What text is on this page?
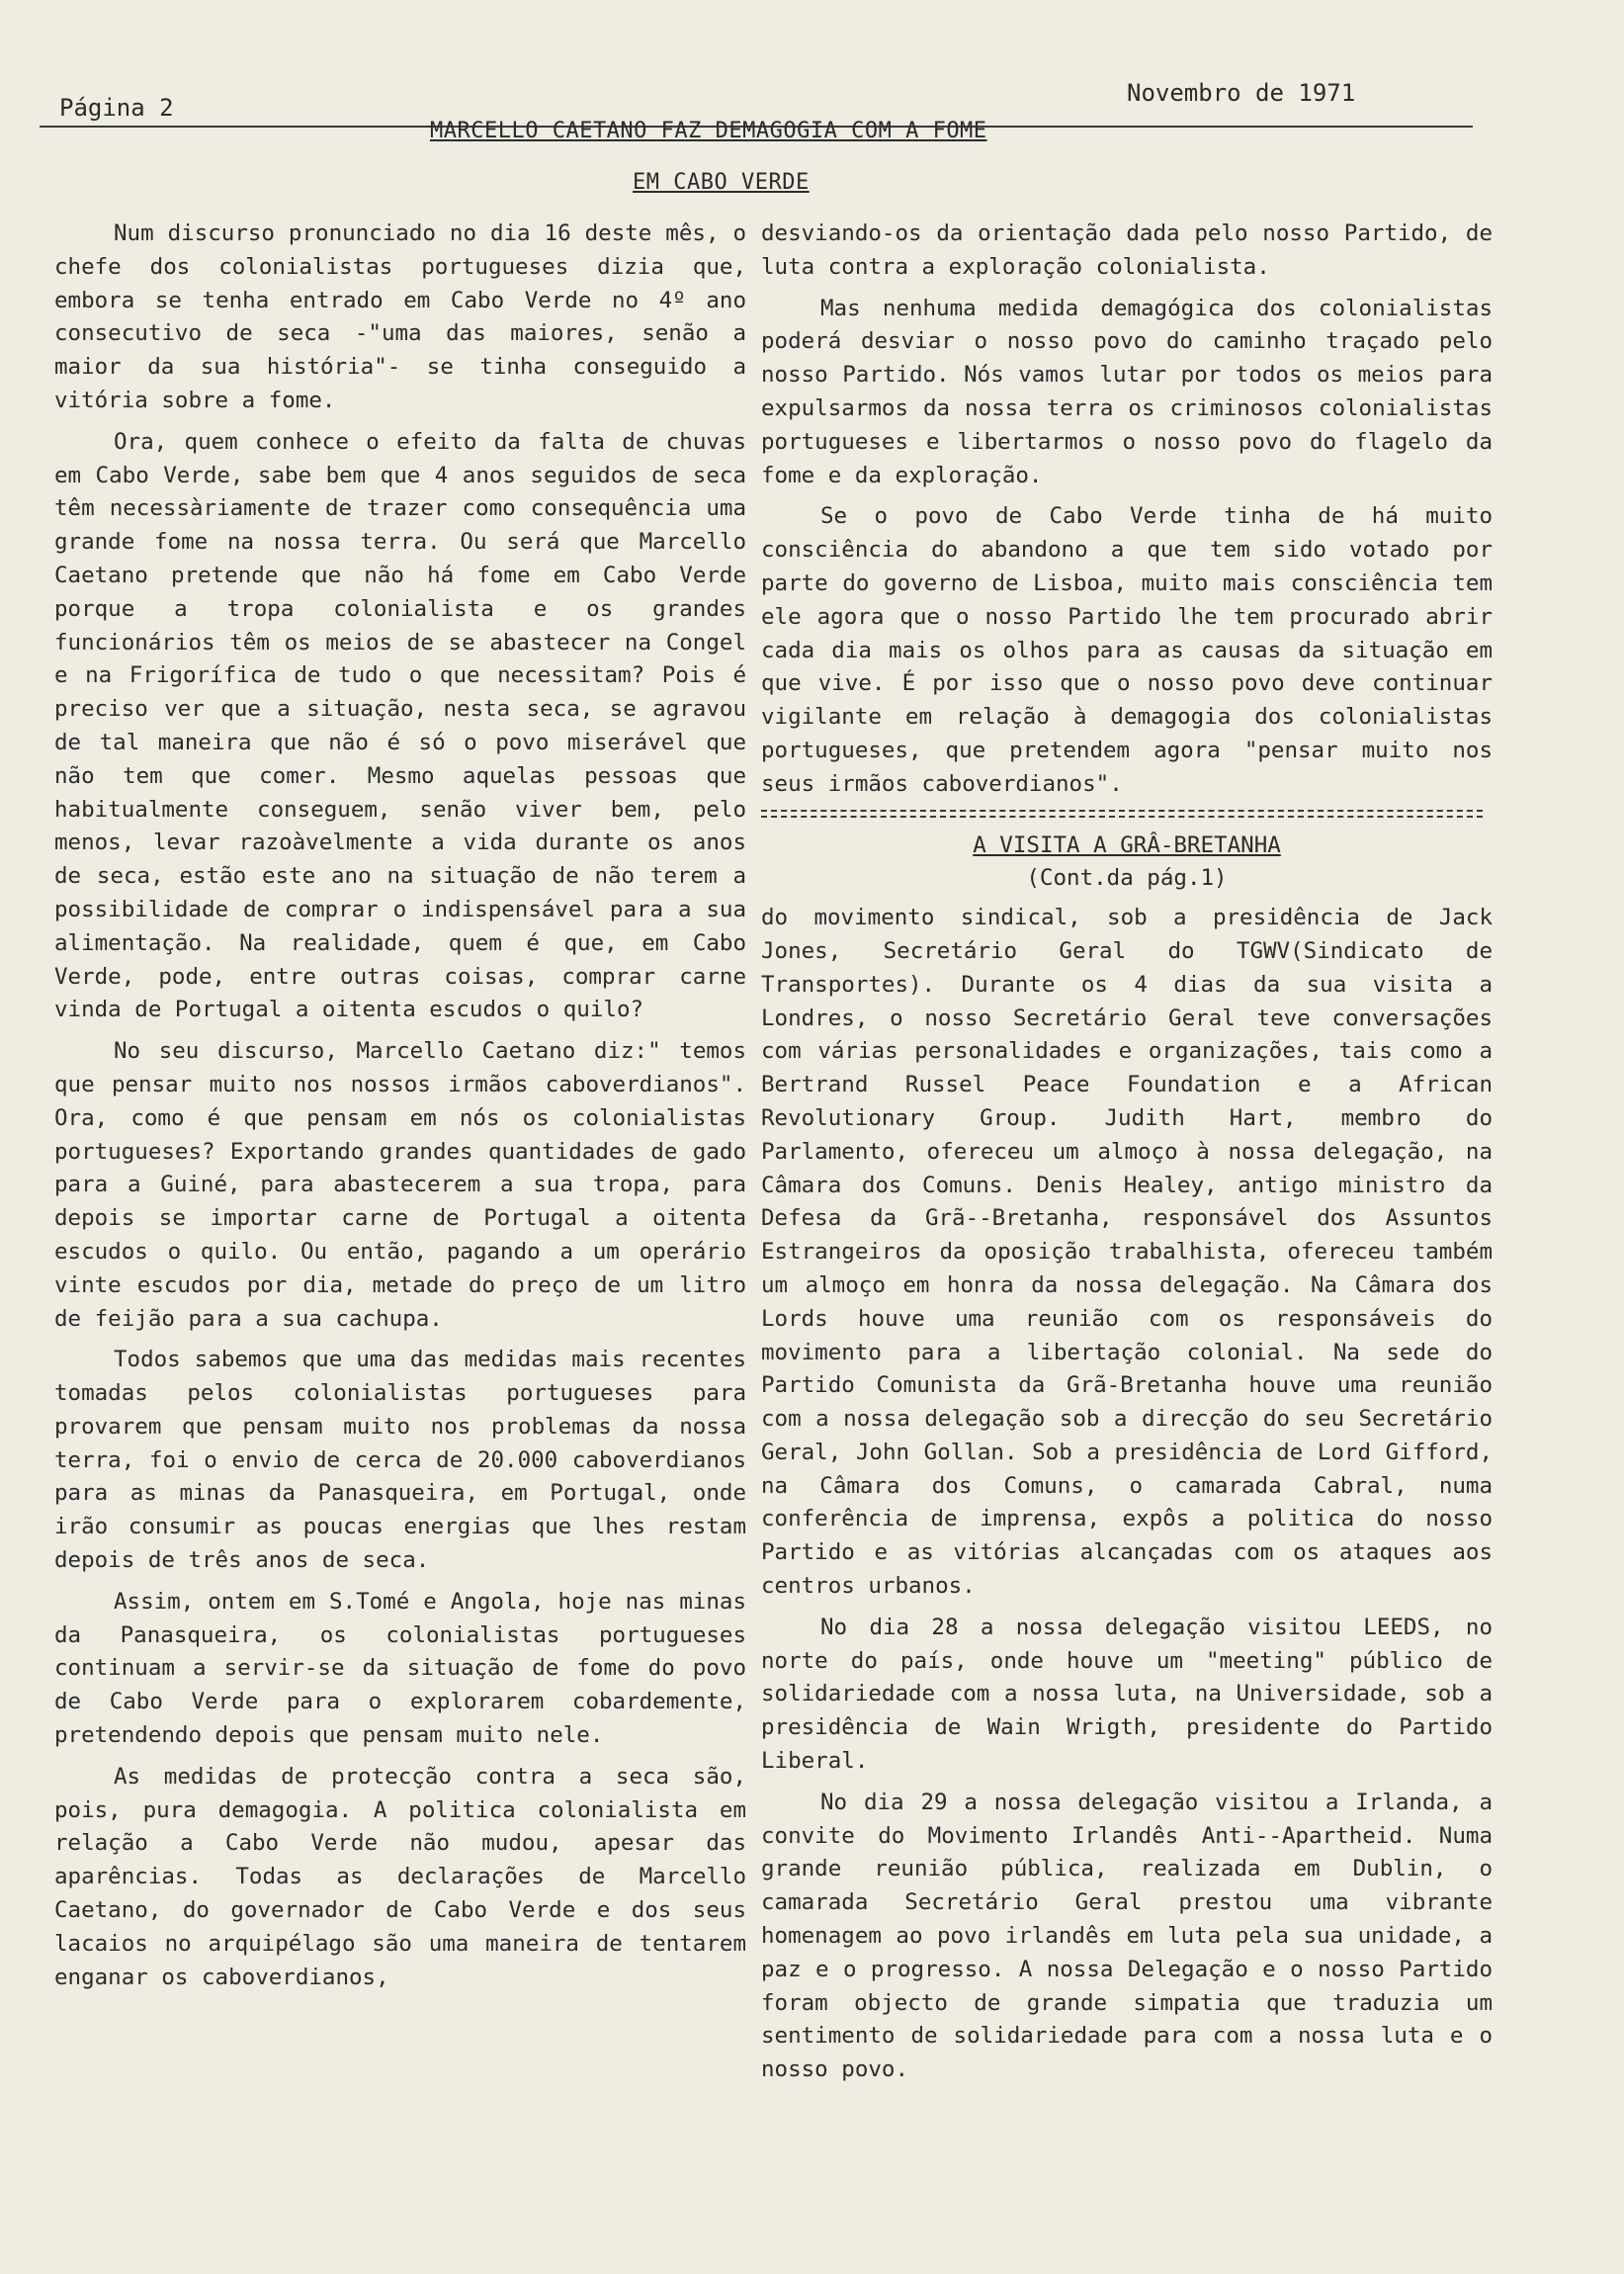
Página 2
Novembro de 1971
MARCELLO CAETANO FAZ DEMAGOGIA COM A FOME
EM CABO VERDE

Num discurso pronunciado no dia 16 deste mês, o chefe dos colonialistas portugueses dizia que, embora se tenha entrado em Cabo Verde no 4º ano consecutivo de seca -"uma das maiores, senão a maior da sua história"- se tinha conseguido a vitória sobre a fome.

Ora, quem conhece o efeito da falta de chuvas em Cabo Verde, sabe bem que 4 anos seguidos de seca têm necessàriamente de trazer como consequência uma grande fome na nossa terra. Ou será que Marcello Caetano pretende que não há fome em Cabo Verde porque a tropa colonialista e os grandes funcionários têm os meios de se abastecer na Congel e na Frigorífica de tudo o que necessitam? Pois é preciso ver que a situação, nesta seca, se agravou de tal maneira que não é só o povo miserável que não tem que comer. Mesmo aquelas pessoas que habitualmente conseguem, senão viver bem, pelo menos, levar razoàvelmente a vida durante os anos de seca, estão este ano na situação de não terem a possibilidade de comprar o indispensável para a sua alimentação. Na realidade, quem é que, em Cabo Verde, pode, entre outras coisas, comprar carne vinda de Portugal a oitenta escudos o quilo?

No seu discurso, Marcello Caetano diz:" temos que pensar muito nos nossos irmãos caboverdianos". Ora, como é que pensam em nós os colonialistas portugueses? Exportando grandes quantidades de gado para a Guiné, para abastecerem a sua tropa, para depois se importar carne de Portugal a oitenta escudos o quilo. Ou então, pagando a um operário vinte escudos por dia, metade do preço de um litro de feijão para a sua cachupa.

Todos sabemos que uma das medidas mais recentes tomadas pelos colonialistas portugueses para provarem que pensam muito nos problemas da nossa terra, foi o envio de cerca de 20.000 caboverdianos para as minas da Panasqueira, em Portugal, onde irão consumir as poucas energias que lhes restam depois de três anos de seca.

Assim, ontem em S.Tomé e Angola, hoje nas minas da Panasqueira, os colonialistas portugueses continuam a servir-se da situação de fome do povo de Cabo Verde para o explorarem cobardemente, pretendendo depois que pensam muito nele.

As medidas de protecção contra a seca são, pois, pura demagogia. A politica colonialista em relação a Cabo Verde não mudou, apesar das aparências. Todas as declarações de Marcello Caetano, do governador de Cabo Verde e dos seus lacaios no arquipélago são uma maneira de tentarem enganar os caboverdianos,

desviando-os da orientação dada pelo nosso Partido, de luta contra a exploração colonialista.

Mas nenhuma medida demagógica dos colonialistas poderá desviar o nosso povo do caminho traçado pelo nosso Partido. Nós vamos lutar por todos os meios para expulsarmos da nossa terra os criminosos colonialistas portugueses e libertarmos o nosso povo do flagelo da fome e da exploração.

Se o povo de Cabo Verde tinha de há muito consciência do abandono a que tem sido votado por parte do governo de Lisboa, muito mais consciência tem ele agora que o nosso Partido lhe tem procurado abrir cada dia mais os olhos para as causas da situação em que vive. É por isso que o nosso povo deve continuar vigilante em relação à demagogia dos colonialistas portugueses, que pretendem agora "pensar muito nos seus irmãos caboverdianos".

A VISITA A GRÂ-BRETANHA
(Cont.da pág.1)

do movimento sindical, sob a presidência de Jack Jones, Secretário Geral do TGWV(Sindicato de Transportes). Durante os 4 dias da sua visita a Londres, o nosso Secretário Geral teve conversações com várias personalidades e organizações, tais como a Bertrand Russel Peace Foundation e a African Revolutionary Group. Judith Hart, membro do Parlamento, ofereceu um almoço à nossa delegação, na Câmara dos Comuns. Denis Healey, antigo ministro da Defesa da Grã--Bretanha, responsável dos Assuntos Estrangeiros da oposição trabalhista, ofereceu também um almoço em honra da nossa delegação. Na Câmara dos Lords houve uma reunião com os responsáveis do movimento para a libertação colonial. Na sede do Partido Comunista da Grã-Bretanha houve uma reunião com a nossa delegação sob a direcção do seu Secretário Geral, John Gollan. Sob a presidência de Lord Gifford, na Câmara dos Comuns, o camarada Cabral, numa conferência de imprensa, expôs a politica do nosso Partido e as vitórias alcançadas com os ataques aos centros urbanos.

No dia 28 a nossa delegação visitou LEEDS, no norte do país, onde houve um "meeting" público de solidariedade com a nossa luta, na Universidade, sob a presidência de Wain Wrigth, presidente do Partido Liberal.

No dia 29 a nossa delegação visitou a Irlanda, a convite do Movimento Irlandês Anti--Apartheid. Numa grande reunião pública, realizada em Dublin, o camarada Secretário Geral prestou uma vibrante homenagem ao povo irlandês em luta pela sua unidade, a paz e o progresso. A nossa Delegação e o nosso Partido foram objecto de grande simpatia que traduzia um sentimento de solidariedade para com a nossa luta e o nosso povo.
